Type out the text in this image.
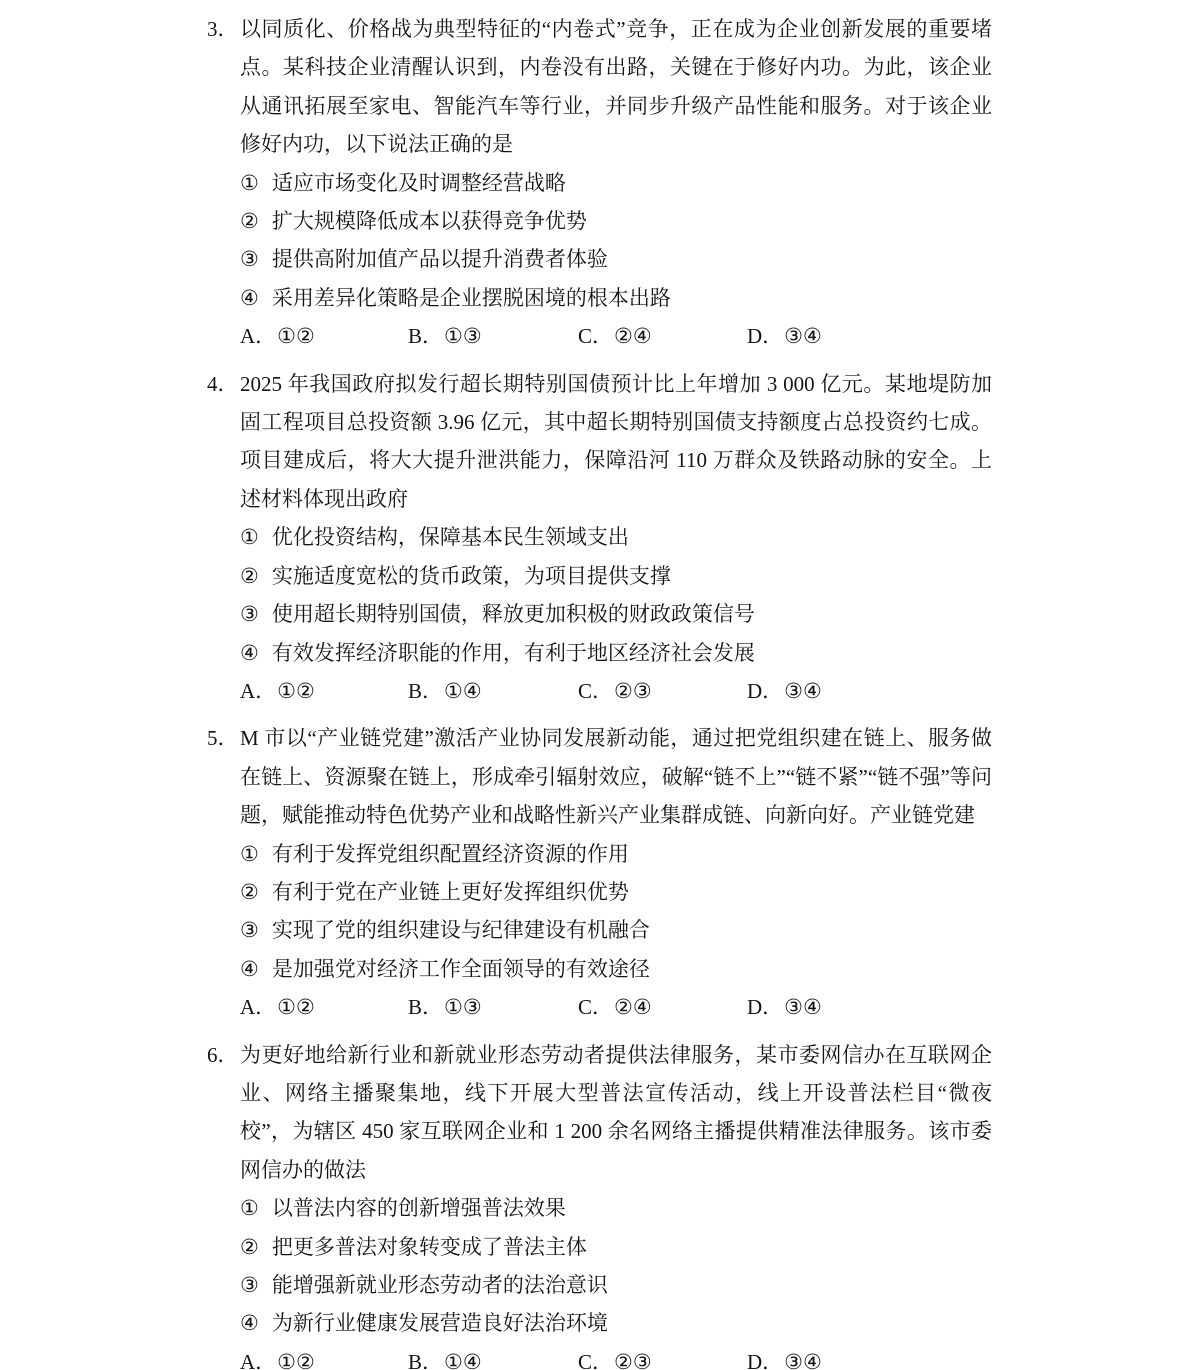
3． 以同质化、价格战为典型特征的“内卷式”竞争，正在成为企业创新发展的重要堵点。某科技企业清醒认识到，内卷没有出路，关键在于修好内功。为此，该企业从通讯拓展至家电、智能汽车等行业，并同步升级产品性能和服务。对于该企业修好内功，以下说法正确的是

① 适应市场变化及时调整经营战略
② 扩大规模降低成本以获得竞争优势
③ 提供高附加值产品以提升消费者体验
④ 采用差异化策略是企业摆脱困境的根本出路
A．①②	B．①③	C．②④	D．③④
4． 2025 年我国政府拟发行超长期特别国债预计比上年增加 3 000 亿元。某地堤防加固工程项目总投资额 3.96 亿元，其中超长期特别国债支持额度占总投资约七成。项目建成后，将大大提升泄洪能力，保障沿河 110 万群众及铁路动脉的安全。上述材料体现出政府

① 优化投资结构，保障基本民生领域支出
② 实施适度宽松的货币政策，为项目提供支撑
③ 使用超长期特别国债，释放更加积极的财政政策信号
④ 有效发挥经济职能的作用，有利于地区经济社会发展
A．①②	B．①④	C．②③	D．③④
5． M 市以“产业链党建”激活产业协同发展新动能，通过把党组织建在链上、服务做在链上、资源聚在链上，形成牵引辐射效应，破解“链不上”“链不紧”“链不强”等问题，赋能推动特色优势产业和战略性新兴产业集群成链、向新向好。产业链党建

① 有利于发挥党组织配置经济资源的作用
② 有利于党在产业链上更好发挥组织优势
③ 实现了党的组织建设与纪律建设有机融合
④ 是加强党对经济工作全面领导的有效途径
A．①②	B．①③	C．②④	D．③④
6． 为更好地给新行业和新就业形态劳动者提供法律服务，某市委网信办在互联网企业、网络主播聚集地，线下开展大型普法宣传活动，线上开设普法栏目“微夜校”，为辖区 450 家互联网企业和 1 200 余名网络主播提供精准法律服务。该市委网信办的做法

① 以普法内容的创新增强普法效果
② 把更多普法对象转变成了普法主体
③ 能增强新就业形态劳动者的法治意识
④ 为新行业健康发展营造良好法治环境
A．①②	B．①④	C．②③	D．③④
